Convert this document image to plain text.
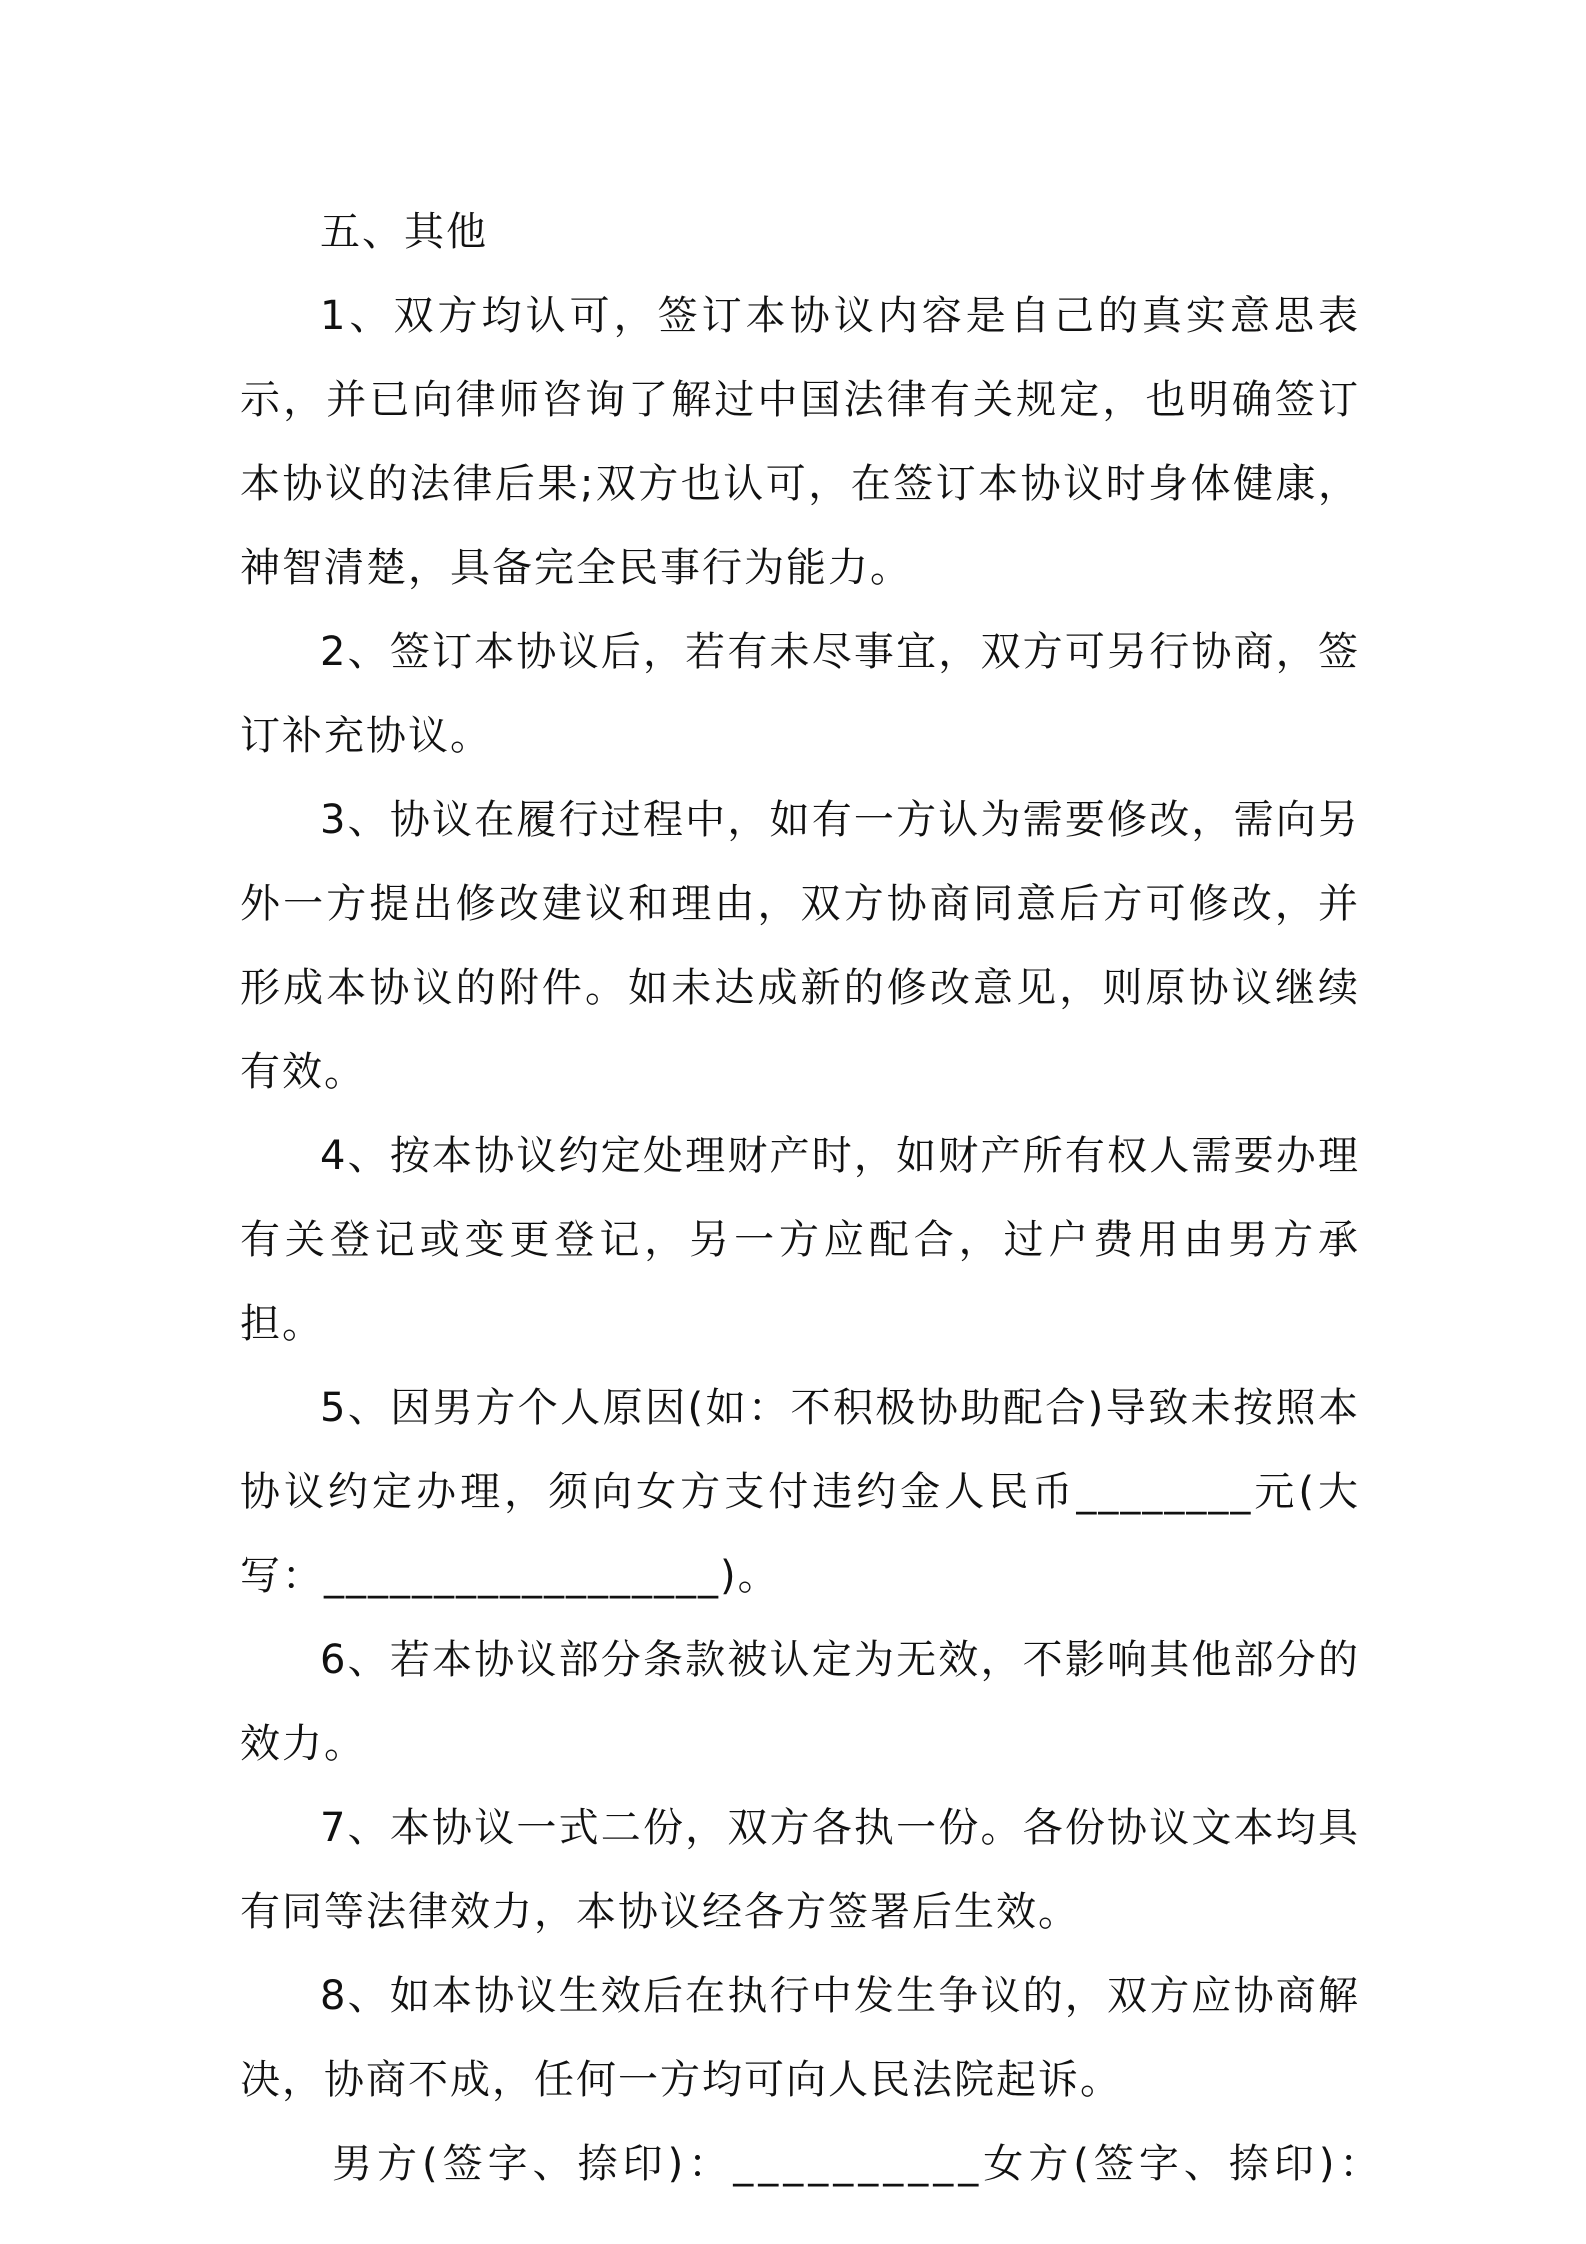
五、其他

1、双方均认可，签订本协议内容是自己的真实意思表示，并已向律师咨询了解过中国法律有关规定，也明确签订本协议的法律后果;双方也认可，在签订本协议时身体健康，神智清楚，具备完全民事行为能力。

2、签订本协议后，若有未尽事宜，双方可另行协商，签订补充协议。

3、协议在履行过程中，如有一方认为需要修改，需向另外一方提出修改建议和理由，双方协商同意后方可修改，并形成本协议的附件。如未达成新的修改意见，则原协议继续有效。

4、按本协议约定处理财产时，如财产所有权人需要办理有关登记或变更登记，另一方应配合，过户费用由男方承担。

5、因男方个人原因(如：不积极协助配合)导致未按照本协议约定办理，须向女方支付违约金人民币________元(大写：__________________)。

6、若本协议部分条款被认定为无效，不影响其他部分的效力。

7、本协议一式二份，双方各执一份。各份协议文本均具有同等法律效力，本协议经各方签署后生效。

8、如本协议生效后在执行中发生争议的，双方应协商解决，协商不成，任何一方均可向人民法院起诉。

男方(签字、捺印)：__________女方(签字、捺印)：
